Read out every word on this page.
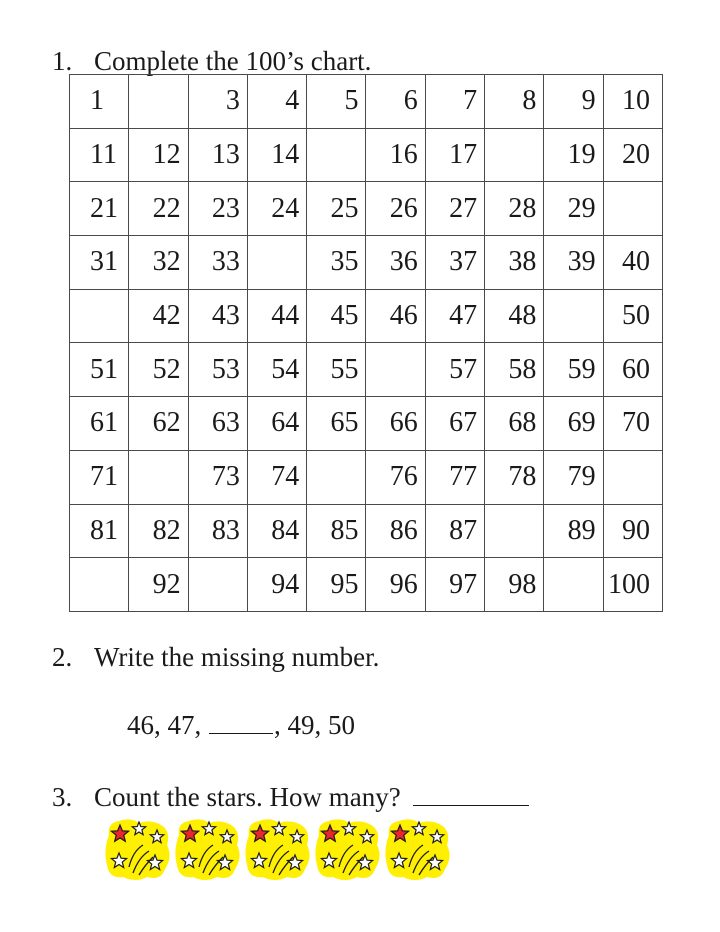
1. Complete the 100’s chart.
1		3	4	5	6	7	8	9	10
11	12	13	14		16	17		19	20
21	22	23	24	25	26	27	28	29	
31	32	33		35	36	37	38	39	40
	42	43	44	45	46	47	48		50
51	52	53	54	55		57	58	59	60
61	62	63	64	65	66	67	68	69	70
71		73	74		76	77	78	79	
81	82	83	84	85	86	87		89	90
	92		94	95	96	97	98		100
2. Write the missing number.
46, 47, , 49, 50
3. Count the stars. How many?
